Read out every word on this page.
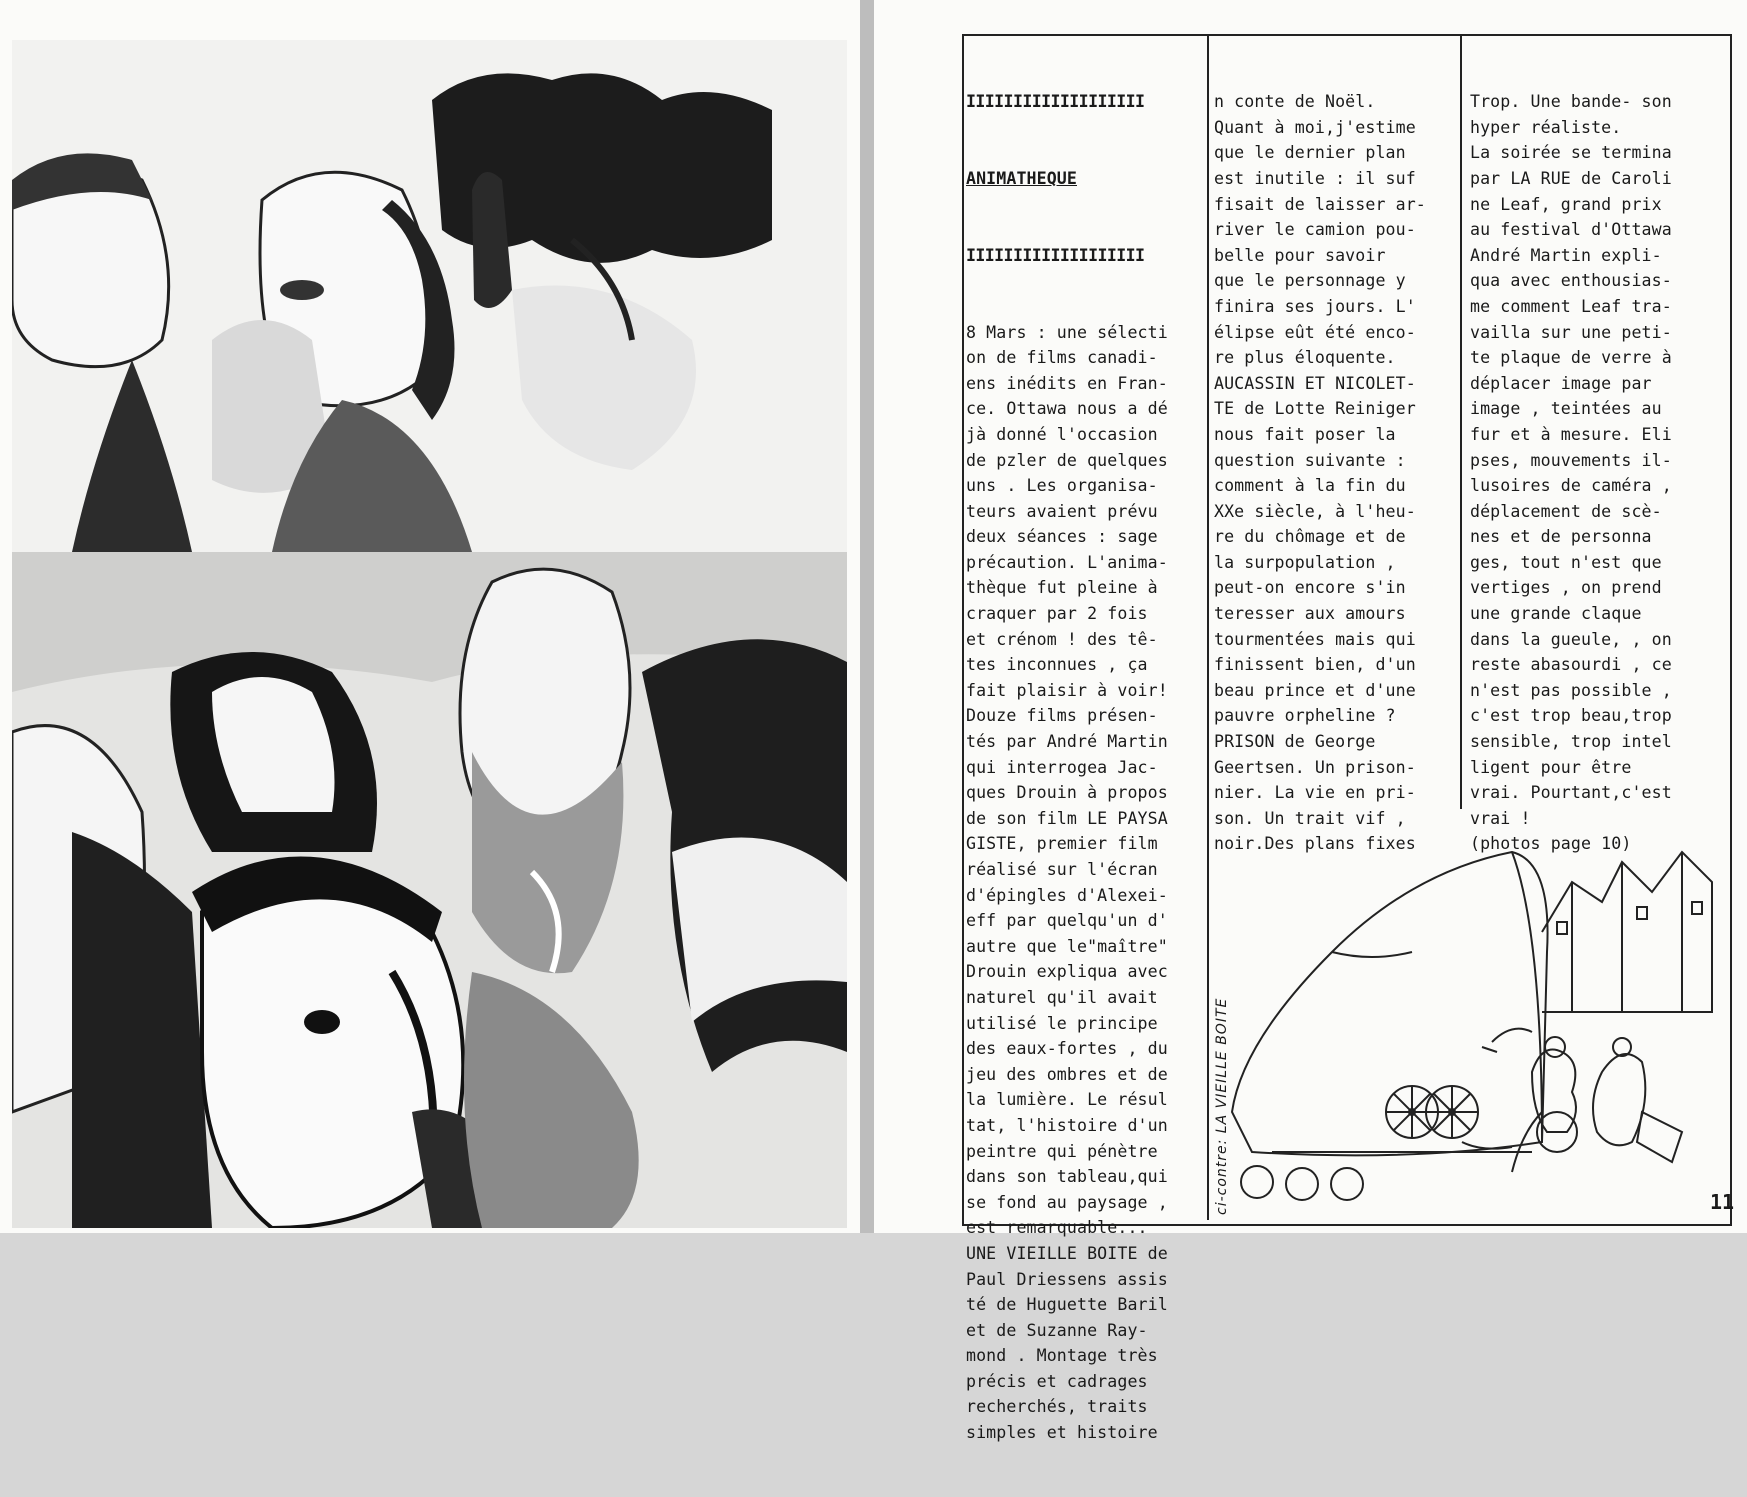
IIIIIIIIIIIIIIIIIII

ANIMATHEQUE

IIIIIIIIIIIIIIIIIII

8 Mars : une sélecti
on de films canadi-
ens inédits en Fran-
ce. Ottawa nous a dé
jà donné l'occasion
de pzler de quelques
uns . Les organisa-
teurs avaient prévu
deux séances : sage
précaution. L'anima-
thèque fut pleine à
craquer par 2 fois
et crénom ! des tê-
tes inconnues , ça
fait plaisir à voir!
Douze films présen-
tés par André Martin
qui interrogea Jac-
ques Drouin à propos
de son film LE PAYSA
GISTE, premier film
réalisé sur l'écran
d'épingles d'Alexei-
eff par quelqu'un d'
autre que le"maître"
Drouin expliqua avec
naturel qu'il avait
utilisé le principe
des eaux-fortes , du
jeu des ombres et de
la lumière. Le résul
tat, l'histoire d'un
peintre qui pénètre
dans son tableau,qui
se fond au paysage ,
est remarquable...
UNE VIEILLE BOITE de
Paul Driessens assis
té de Huguette Baril
et de Suzanne Ray-
mond . Montage très
précis et cadrages
recherchés, traits
simples et histoire

n conte de Noël.
Quant à moi,j'estime
que le dernier plan
est inutile : il suf
fisait de laisser ar-
river le camion pou-
belle pour savoir
que le personnage y
finira ses jours. L'
élipse eût été enco-
re plus éloquente.
AUCASSIN ET NICOLET-
TE de Lotte Reiniger
nous fait poser la
question suivante :
comment à la fin du
XXe siècle, à l'heu-
re du chômage et de
la surpopulation ,
peut-on encore s'in
teresser aux amours
tourmentées mais qui
finissent bien, d'un
beau prince et d'une
pauvre orpheline ?
PRISON de George
Geertsen. Un prison-
nier. La vie en pri-
son. Un trait vif ,
noir.Des plans fixes

Trop. Une bande- son
hyper réaliste.
La soirée se termina
par LA RUE de Caroli
ne Leaf, grand prix
au festival d'Ottawa
André Martin expli-
qua avec enthousias-
me comment Leaf tra-
vailla sur une peti-
te plaque de verre à
déplacer image par
image , teintées au
fur et à mesure. Eli
pses, mouvements il-
lusoires de caméra ,
déplacement de scè-
nes et de personna
ges, tout n'est que
vertiges , on prend
une grande claque
dans la gueule, , on
reste abasourdi , ce
n'est pas possible ,
c'est trop beau,trop
sensible, trop intel
ligent pour être
vrai. Pourtant,c'est
vrai !
(photos page 10)

ci-contre: LA VIEILLE BOITE	11
